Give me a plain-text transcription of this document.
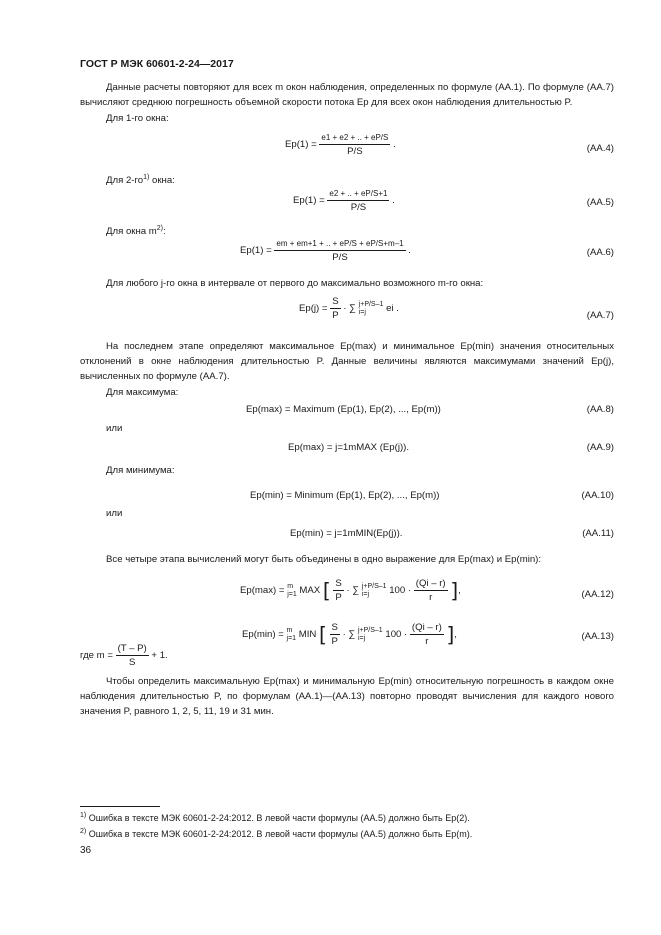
ГОСТ Р МЭК 60601-2-24—2017
Данные расчеты повторяют для всех m окон наблюдения, определенных по формуле (АА.1). По формуле (АА.7) вычисляют среднюю погрешность объемной скорости потока Ep для всех окон наблюдения длительностью P.
Для 1-го окна:
$Ep(1) = \frac{e1 + e2 + .. + eP/S}{P/S}$ .	(АА.4)
Для $2-го^{1)}$ окна:
$Ep(1) = \frac{e2 + .. + eP/S+1}{P/S}$ .	(АА.5)
Для окна $m^{2)}$:
$Ep(1) = \frac{em + em+1 + .. + eP/S + eP/S+m-1}{P/S}$ .	(АА.6)
Для любого j-го окна в интервале от первого до максимально возможного m-го окна:
$Ep(j) = \frac{S}{P}$ · ∑ j+P/S–1
i=j	ei .
(АА.7)
На последнем этапе определяют максимальное Ep(max) и минимальное Ep(min) значения относительных отклонений в окне наблюдения длительностью P. Данные величины являются максимумами значений Ep(j), вычисленных по формуле (АА.7).
Для максимума:
Ep(max) = Maximum (Ep(1), Ep(2), ..., Ep(m))	(АА.8)
или
Ep(max) = j=1mMAX (Ep(j)).	(АА.9)
Для минимума:
Ep(min) = Minimum (Ep(1), Ep(2), ..., Ep(m))	(АА.10)
или
Ep(min) = j=1mMIN(Ep(j)).	(АА.11)
Все четыре этапа вычислений могут быть объединены в одно выражение для Ep(max) и Ep(min):
Ep(max) = m
j=1 MAX [ $\frac{S}{P}$ · ∑ j+P/S–1
i=j	$100 \cdot \frac{(Qi - r)}{r}$ ],	(АА.12)
Ep(min) = m
j=1 MIN [ $\frac{S}{P}$ · ∑ j+P/S–1
i=j	$100 \cdot \frac{(Qi - r)}{r}$ ],	(АА.13)
где $m = \frac{(T - P)}{S} + 1$.
Чтобы определить максимальную Ep(max) и минимальную Ep(min) относительную погрешность в каждом окне наблюдения длительностью P, по формулам (АА.1)—(АА.13) повторно проводят вычисления для каждого нового значения P, равного 1, 2, 5, 11, 19 и 31 мин.
$^{1)}$ Ошибка в тексте МЭК 60601-2-24:2012. В левой части формулы (АА.5) должно быть Ep(2).
$^{2)}$ Ошибка в тексте МЭК 60601-2-24:2012. В левой части формулы (АА.5) должно быть Ep(m).
36
